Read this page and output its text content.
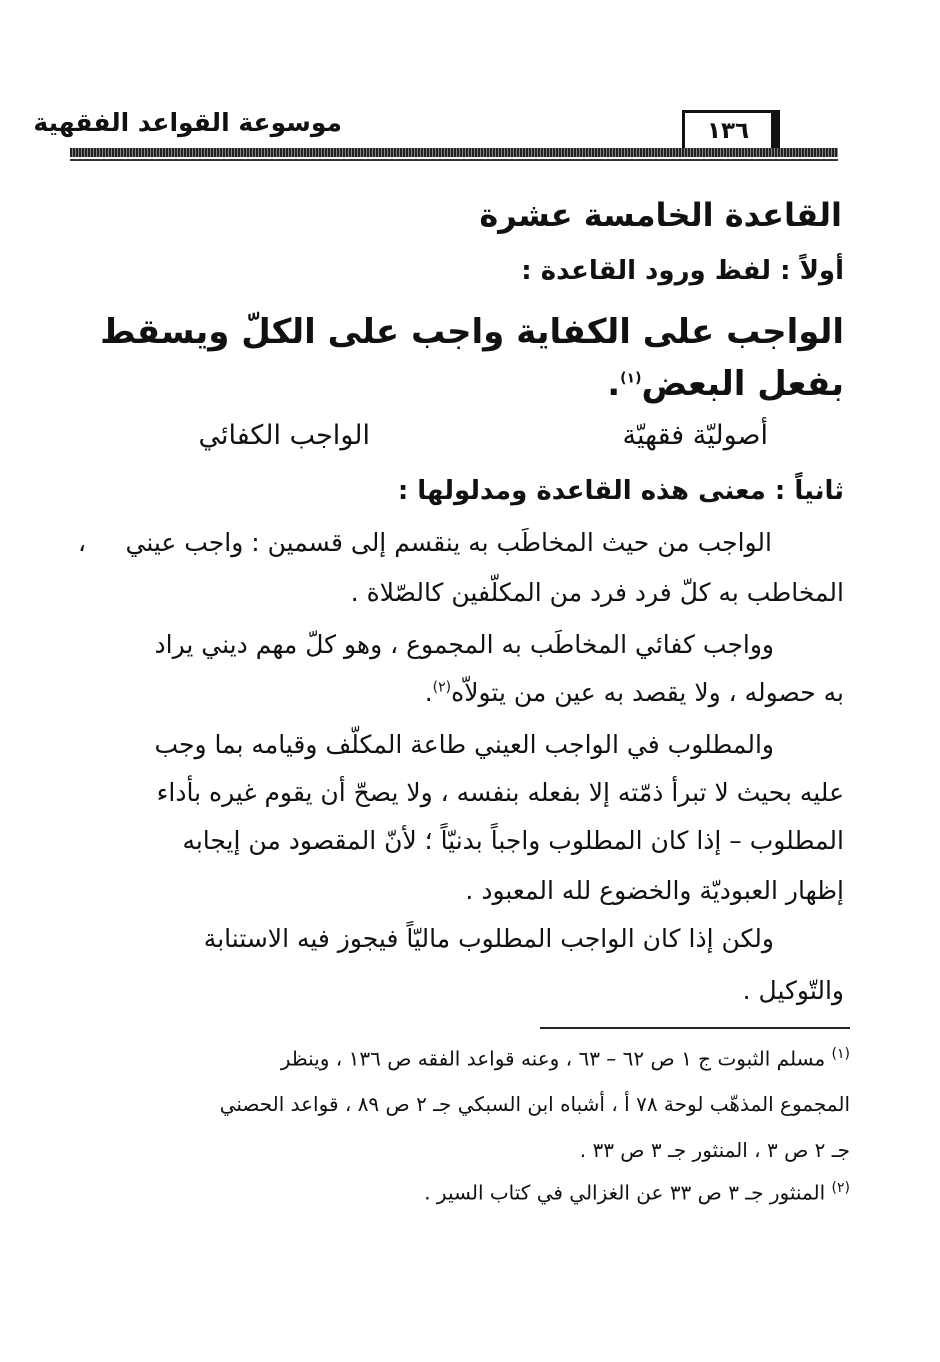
موسوعة القواعد الفقهية	١٣٦
القاعدة الخامسة عشرة
أولاً : لفظ ورود القاعدة :
الواجب على الكفاية واجب على الكلّ ويسقط
بفعل البعض$^{(١)}$.
أصوليّة فقهيّة
الواجب الكفائي
ثانياً : معنى هذه القاعدة ومدلولها :
الواجب من حيث المخاطَب به ينقسم إلى قسمين : واجب عيني
،
المخاطب به كلّ فرد فرد من المكلّفين كالصّلاة .
وواجب كفائي المخاطَب به المجموع ، وهو كلّ مهم ديني يراد
به حصوله ، ولا يقصد به عين من يتولاّه$^{(٢)}$.
والمطلوب في الواجب العيني طاعة المكلّف وقيامه بما وجب
عليه بحيث لا تبرأ ذمّته إلا بفعله بنفسه ، ولا يصحّ أن يقوم غيره بأداء
المطلوب – إذا كان المطلوب واجباً بدنيّاً ؛ لأنّ المقصود من إيجابه
إظهار العبوديّة والخضوع لله المعبود .
ولكن إذا كان الواجب المطلوب ماليّاً فيجوز فيه الاستنابة
والتّوكيل .
$^{(١)}$ مسلم الثبوت ج ١ ص ٦٢ – ٦٣ ، وعنه قواعد الفقه ص ١٣٦ ، وينظر
المجموع المذهّب لوحة ٧٨ أ ، أشباه ابن السبكي جـ ٢ ص ٨٩ ، قواعد الحصني
جـ ٢ ص ٣ ، المنثور جـ ٣ ص ٣٣ .
$^{(٢)}$ المنثور جـ ٣ ص ٣٣ عن الغزالي في كتاب السير .
